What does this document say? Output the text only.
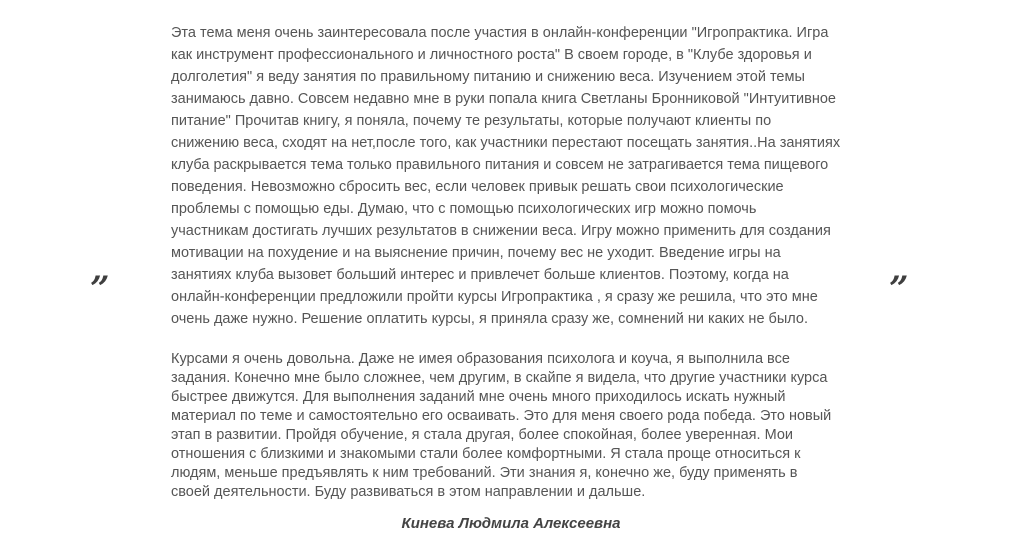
”	”

Эта тема меня очень заинтересовала после участия в онлайн-конференции "Игропрактика. Игра

как инструмент профессионального и личностного роста" В своем городе, в "Клубе здоровья и

долголетия" я веду занятия по правильному питанию и снижению веса. Изучением этой темы

занимаюсь давно. Совсем недавно мне в руки попала книга Светланы Бронниковой "Интуитивное

питание" Прочитав книгу, я поняла, почему те результаты, которые получают клиенты по

снижению веса, сходят на нет,после того, как участники перестают посещать занятия..На занятиях

клуба раскрывается тема только правильного питания и совсем не затрагивается тема пищевого

поведения. Невозможно сбросить вес, если человек привык решать свои психологические

проблемы с помощью еды. Думаю, что с помощью психологических игр можно помочь

участникам достигать лучших результатов в снижении веса. Игру можно применить для создания

мотивации на похудение и на выяснение причин, почему вес не уходит. Введение игры на

занятиях клуба вызовет больший интерес и привлечет больше клиентов. Поэтому, когда на

онлайн-конференции предложили пройти курсы Игропрактика , я сразу же решила, что это мне

очень даже нужно. Решение оплатить курсы, я приняла сразу же, сомнений ни каких не было.

Курсами я очень довольна. Даже не имея образования психолога и коуча, я выполнила все

задания. Конечно мне было сложнее, чем другим, в скайпе я видела, что другие участники курса

быстрее движутся. Для выполнения заданий мне очень много приходилось искать нужный

материал по теме и самостоятельно его осваивать. Это для меня своего рода победа. Это новый

этап в развитии. Пройдя обучение, я стала другая, более спокойная, более уверенная. Мои

отношения с близкими и знакомыми стали более комфортными. Я стала проще относиться к

людям, меньше предъявлять к ним требований. Эти знания я, конечно же, буду применять в

своей деятельности. Буду развиваться в этом направлении и дальше.

Кинева Людмила Алексеевна
